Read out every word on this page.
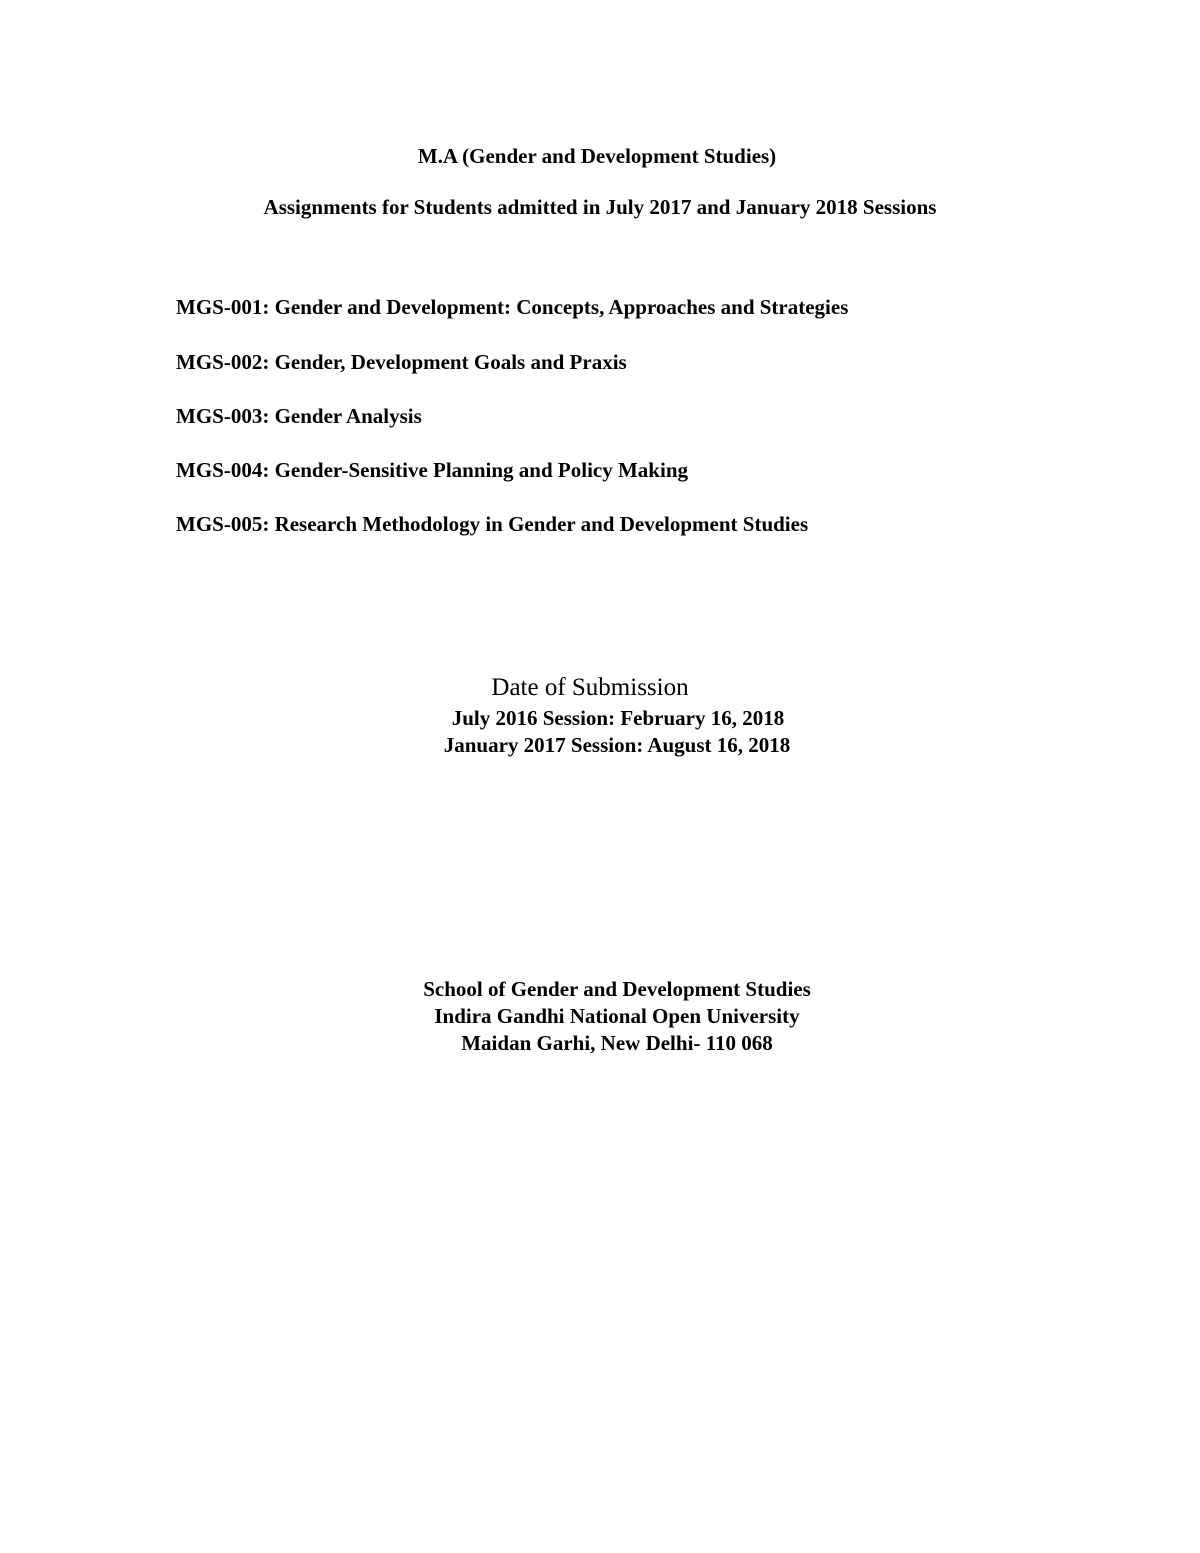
M.A (Gender and Development Studies)
Assignments for Students admitted in July 2017 and January 2018 Sessions
MGS-001: Gender and Development: Concepts, Approaches and Strategies
MGS-002: Gender, Development Goals and Praxis
MGS-003: Gender Analysis
MGS-004: Gender-Sensitive Planning and Policy Making
MGS-005: Research Methodology in Gender and Development Studies
Date of Submission
July 2016 Session: February 16, 2018
January 2017 Session: August 16, 2018
School of Gender and Development Studies
Indira Gandhi National Open University
Maidan Garhi, New Delhi- 110 068
